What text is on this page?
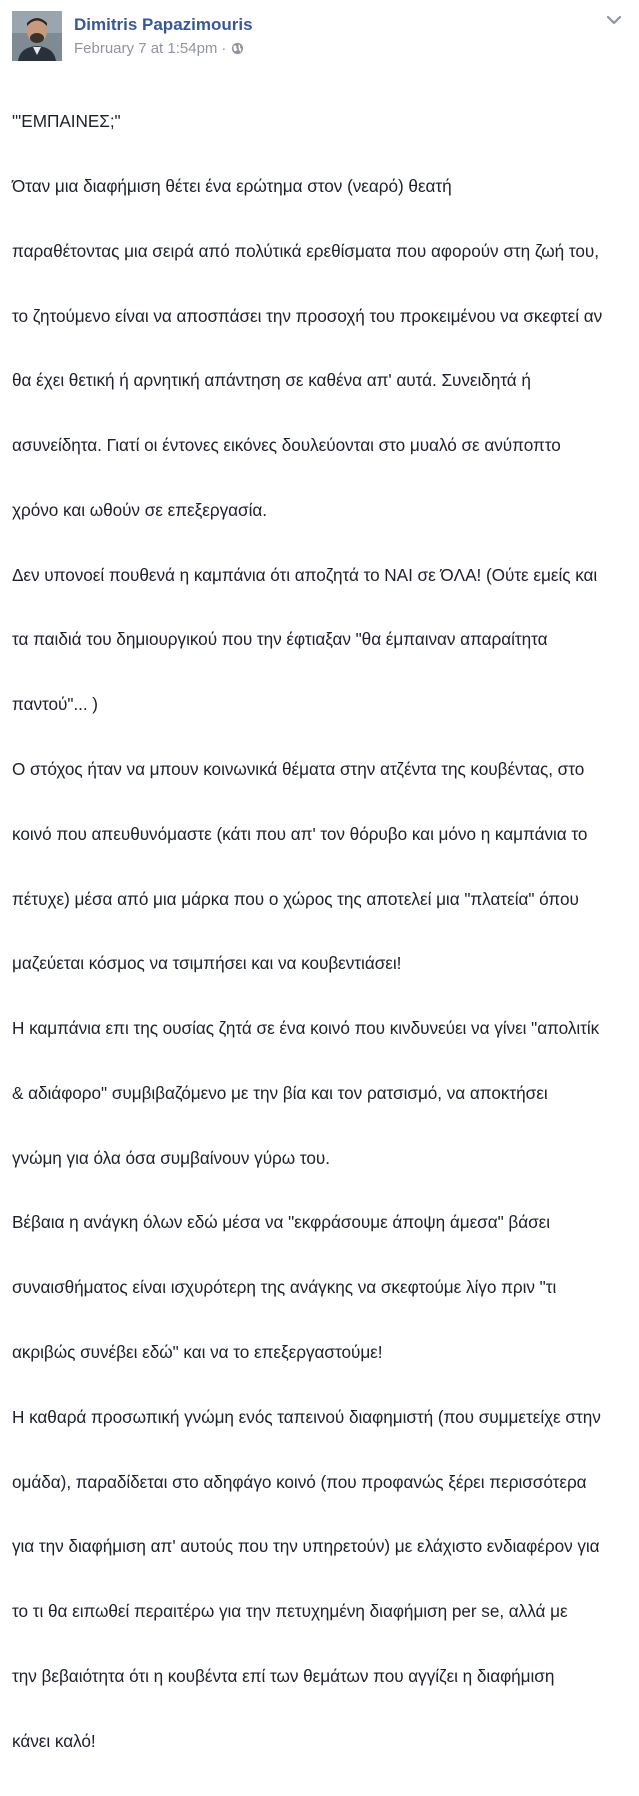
Dimitris Papazimouris
February 7 at 1:54pm ·

"'ΕΜΠΑΙΝΕΣ;"

Όταν μια διαφήμιση θέτει ένα ερώτημα στον (νεαρό) θεατή

παραθέτοντας μια σειρά από πολύτικά ερεθίσματα που αφορούν στη ζωή του,

το ζητούμενο είναι να αποσπάσει την προσοχή του προκειμένου να σκεφτεί αν

θα έχει θετική ή αρνητική απάντηση σε καθένα απ' αυτά. Συνειδητά ή

ασυνείδητα. Γιατί οι έντονες εικόνες δουλεύονται στο μυαλό σε ανύποπτο

χρόνο και ωθούν σε επεξεργασία.

Δεν υπονοεί πουθενά η καμπάνια ότι αποζητά το ΝΑΙ σε ΌΛΑ! (Ούτε εμείς και

τα παιδιά του δημιουργικού που την έφτιαξαν "θα έμπαιναν απαραίτητα

παντού"... )

Ο στόχος ήταν να μπουν κοινωνικά θέματα στην ατζέντα της κουβέντας, στο

κοινό που απευθυνόμαστε (κάτι που απ' τον θόρυβο και μόνο η καμπάνια το

πέτυχε) μέσα από μια μάρκα που ο χώρος της αποτελεί μια "πλατεία" όπου

μαζεύεται κόσμος να τσιμπήσει και να κουβεντιάσει!

Η καμπάνια επι της ουσίας ζητά σε ένα κοινό που κινδυνεύει να γίνει "απολιτίκ

& αδιάφορο" συμβιβαζόμενο με την βία και τον ρατσισμό, να αποκτήσει

γνώμη για όλα όσα συμβαίνουν γύρω του.

Βέβαια η ανάγκη όλων εδώ μέσα να "εκφράσουμε άποψη άμεσα" βάσει

συναισθήματος είναι ισχυρότερη της ανάγκης να σκεφτούμε λίγο πριν "τι

ακριβώς συνέβει εδώ" και να το επεξεργαστούμε!

Η καθαρά προσωπική γνώμη ενός ταπεινού διαφημιστή (που συμμετείχε στην

ομάδα), παραδίδεται στο αδηφάγο κοινό (που προφανώς ξέρει περισσότερα

για την διαφήμιση απ' αυτούς που την υπηρετούν) με ελάχιστο ενδιαφέρον για

το τι θα ειπωθεί περαιτέρω για την πετυχημένη διαφήμιση per se, αλλά με

την βεβαιότητα ότι η κουβέντα επί των θεμάτων που αγγίζει η διαφήμιση

κάνει καλό!
